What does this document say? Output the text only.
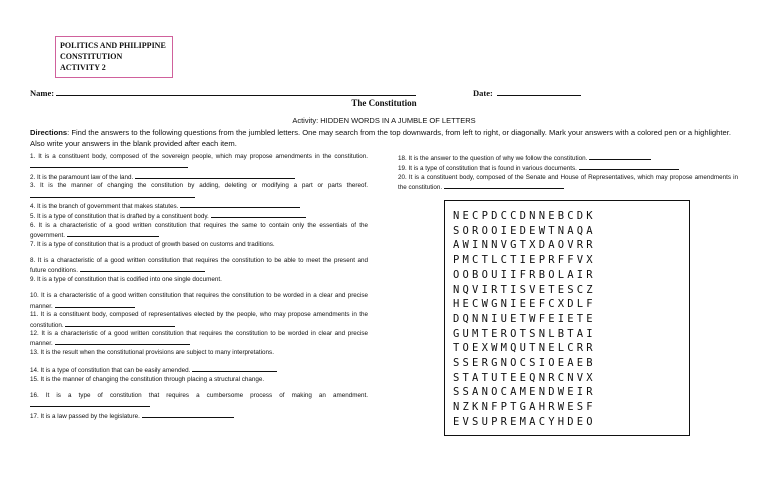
POLITICS AND PHILIPPINE
CONSTITUTION
ACTIVITY 2
Name:	Date:
The Constitution
Activity: HIDDEN WORDS IN A JUMBLE OF LETTERS
Directions: Find the answers to the following questions from the jumbled letters. One may search from the top downwards, from left to right, or diagonally. Mark your answers with a colored pen or a highlighter. Also write your answers in the blank provided after each item.

1. It is a constituent body, composed of the sovereign people, which may propose amendments in the constitution.

2. It is the paramount law of the land.

3. It is the manner of changing the constitution by adding, deleting or modifying a part or parts thereof.

4. It is the branch of government that makes statutes.

5. It is a type of constitution that is drafted by a constituent body.

6. It is a characteristic of a good written constitution that requires the same to contain only the essentials of the government.

7. It is a type of constitution that is a product of growth based on customs and traditions.

8. It is a characteristic of a good written constitution that requires the constitution to be able to meet the present and future conditions.

9. It is a type of constitution that is codified into one single document.

10. It is a characteristic of a good written constitution that requires the constitution to be worded in a clear and precise manner.

11. It is a constituent body, composed of representatives elected by the people, who may propose amendments in the constitution.

12. It is a characteristic of a good written constitution that requires the constitution to be worded in clear and precise manner.

13. It is the result when the constitutional provisions are subject to many interpretations.

14. It is a type of constitution that can be easily amended.

15. It is the manner of changing the constitution through placing a structural change.

16. It is a type of constitution that requires a cumbersome process of making an amendment.

17. It is a law passed by the legislature.

18. It is the answer to the question of why we follow the constitution.

19. It is a type of constitution that is found in various documents.

20. It is a constituent body, composed of the Senate and House of Representatives, which may propose amendments in the constitution.

NECPDCCDNNEBCDK
SOROOIEDEWTNAQA
AWINNVGTXDAOVRR
PMCTLCTIEPRFFVX
OOBOUIIFRBOLAIR
NQVIRTISVETESCZ
HECWGNIEEFCXDLF
DQNNIUETWFEIETE
GUMTEROTSNLBTAI
TOEXWMQUTNELCRR
SSERGNOCSIOEAEB
STATUTEEQNRCNVX
SSANOCAMENDWEIR
NZKNFPTGAHRWESF
EVSUPREMACYHDEO
